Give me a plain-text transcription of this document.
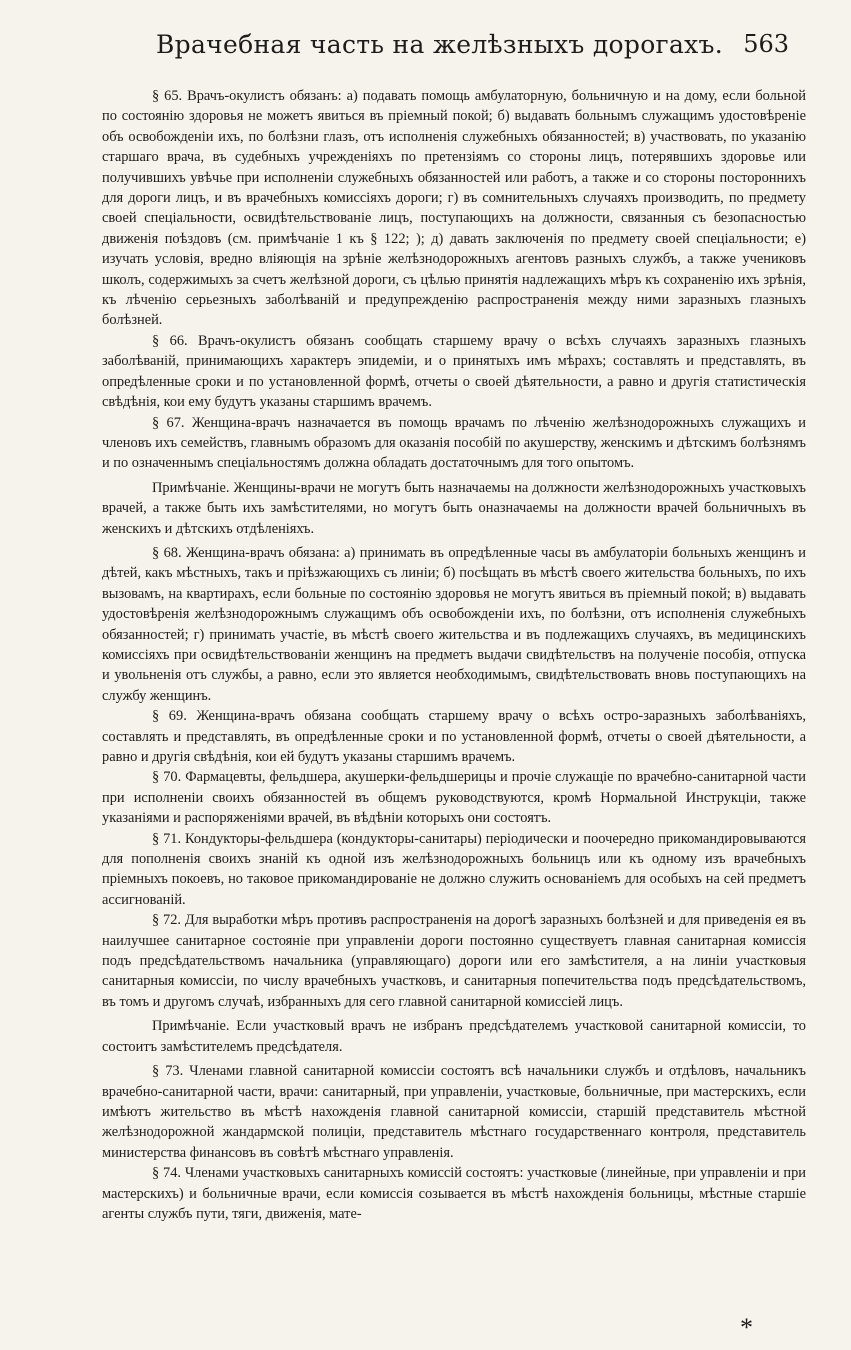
Врачебная часть на желѣзныхъ дорогахъ. 563

§ 65. Врачъ-окулистъ обязанъ: а) подавать помощь амбулаторную, больничную и на дому, если больной по состоянію здоровья не можетъ явиться въ пріемный покой; б) выдавать больнымъ служащимъ удостовѣреніе объ освобожденіи ихъ, по болѣзни глазъ, отъ исполненія служебныхъ обязанностей; в) участвовать, по указанію старшаго врача, въ судебныхъ учрежденіяхъ по претензіямъ со стороны лицъ, потерявшихъ здоровье или получившихъ увѣчье при исполненіи служебныхъ обязанностей или работъ, а также и со стороны постороннихъ для дороги лицъ, и въ врачебныхъ комиссіяхъ дороги; г) въ сомнительныхъ случаяхъ производить, по предмету своей спеціальности, освидѣтельствованіе лицъ, поступающихъ на должности, связанныя съ безопасностью движенія поѣздовъ (см. примѣчаніе 1 къ § 122; ); д) давать заключенія по предмету своей спеціальности; е) изучать условія, вредно вліяющія на зрѣніе желѣзнодорожныхъ агентовъ разныхъ службъ, а также учениковъ школъ, содержимыхъ за счетъ желѣзной дороги, съ цѣлью принятія надлежащихъ мѣръ къ сохраненію ихъ зрѣнія, къ лѣченію серьезныхъ заболѣваній и предупрежденію распространенія между ними заразныхъ глазныхъ болѣзней.

§ 66. Врачъ-окулистъ обязанъ сообщать старшему врачу о всѣхъ случаяхъ заразныхъ глазныхъ заболѣваній, принимающихъ характеръ эпидеміи, и о принятыхъ имъ мѣрахъ; составлять и представлять, въ опредѣленные сроки и по установленной формѣ, отчеты о своей дѣятельности, а равно и другія статистическія свѣдѣнія, кои ему будутъ указаны старшимъ врачемъ.

§ 67. Женщина-врачъ назначается въ помощь врачамъ по лѣченію желѣзнодорожныхъ служащихъ и членовъ ихъ семействъ, главнымъ образомъ для оказанія пособій по акушерству, женскимъ и дѣтскимъ болѣзнямъ и по означеннымъ спеціальностямъ должна обладать достаточнымъ для того опытомъ.

Примѣчаніе. Женщины-врачи не могутъ быть назначаемы на должности желѣзнодорожныхъ участковыхъ врачей, а также быть ихъ замѣстителями, но могутъ быть оназначаемы на должности врачей больничныхъ въ женскихъ и дѣтскихъ отдѣленіяхъ.

§ 68. Женщина-врачъ обязана: а) принимать въ опредѣленные часы въ амбулаторіи больныхъ женщинъ и дѣтей, какъ мѣстныхъ, такъ и пріѣзжающихъ съ линіи; б) посѣщать въ мѣстѣ своего жительства больныхъ, по ихъ вызовамъ, на квартирахъ, если больные по состоянію здоровья не могутъ явиться въ пріемный покой; в) выдавать удостовѣренія желѣзнодорожнымъ служащимъ объ освобожденіи ихъ, по болѣзни, отъ исполненія служебныхъ обязанностей; г) принимать участіе, въ мѣстѣ своего жительства и въ подлежащихъ случаяхъ, въ медицинскихъ комиссіяхъ при освидѣтельствованіи женщинъ на предметъ выдачи свидѣтельствъ на полученіе пособія, отпуска и увольненія отъ службы, а равно, если это является необходимымъ, свидѣтельствовать вновь поступающихъ на службу женщинъ.

§ 69. Женщина-врачъ обязана сообщать старшему врачу о всѣхъ остро-заразныхъ заболѣваніяхъ, составлять и представлять, въ опредѣленные сроки и по установленной формѣ, отчеты о своей дѣятельности, а равно и другія свѣдѣнія, кои ей будутъ указаны старшимъ врачемъ.

§ 70. Фармацевты, фельдшера, акушерки-фельдшерицы и прочіе служащіе по врачебно-санитарной части при исполненіи своихъ обязанностей въ общемъ руководствуются, кромѣ Нормальной Инструкціи, также указаніями и распоряженіями врачей, въ вѣдѣніи которыхъ они состоятъ.

§ 71. Кондукторы-фельдшера (кондукторы-санитары) періодически и поочередно прикомандировываются для пополненія своихъ знаній къ одной изъ желѣзнодорожныхъ больницъ или къ одному изъ врачебныхъ пріемныхъ покоевъ, но таковое прикомандированіе не должно служить основаніемъ для особыхъ на сей предметъ ассигнованій.

§ 72. Для выработки мѣръ противъ распространенія на дорогѣ заразныхъ болѣзней и для приведенія ея въ наилучшее санитарное состояніе при управленіи дороги постоянно существуетъ главная санитарная комиссія подъ предсѣдательствомъ начальника (управляющаго) дороги или его замѣстителя, а на линіи участковыя санитарныя комиссіи, по числу врачебныхъ участковъ, и санитарныя попечительства подъ предсѣдательствомъ, въ томъ и другомъ случаѣ, избранныхъ для сего главной санитарной комиссіей лицъ.

Примѣчаніе. Если участковый врачъ не избранъ предсѣдателемъ участковой санитарной комиссіи, то состоитъ замѣстителемъ предсѣдателя.

§ 73. Членами главной санитарной комиссіи состоятъ всѣ начальники службъ и отдѣловъ, начальникъ врачебно-санитарной части, врачи: санитарный, при управленіи, участковые, больничные, при мастерскихъ, если имѣютъ жительство въ мѣстѣ нахожденія главной санитарной комиссіи, старшій представитель мѣстной желѣзнодорожной жандармской полиціи, представитель мѣстнаго государственнаго контроля, представитель министерства финансовъ въ совѣтѣ мѣстнаго управленія.

§ 74. Членами участковыхъ санитарныхъ комиссій состоятъ: участковые (линейные, при управленіи и при мастерскихъ) и больничные врачи, если комиссія созывается въ мѣстѣ нахожденія больницы, мѣстные старшіе агенты службъ пути, тяги, движенія, мате-

*
